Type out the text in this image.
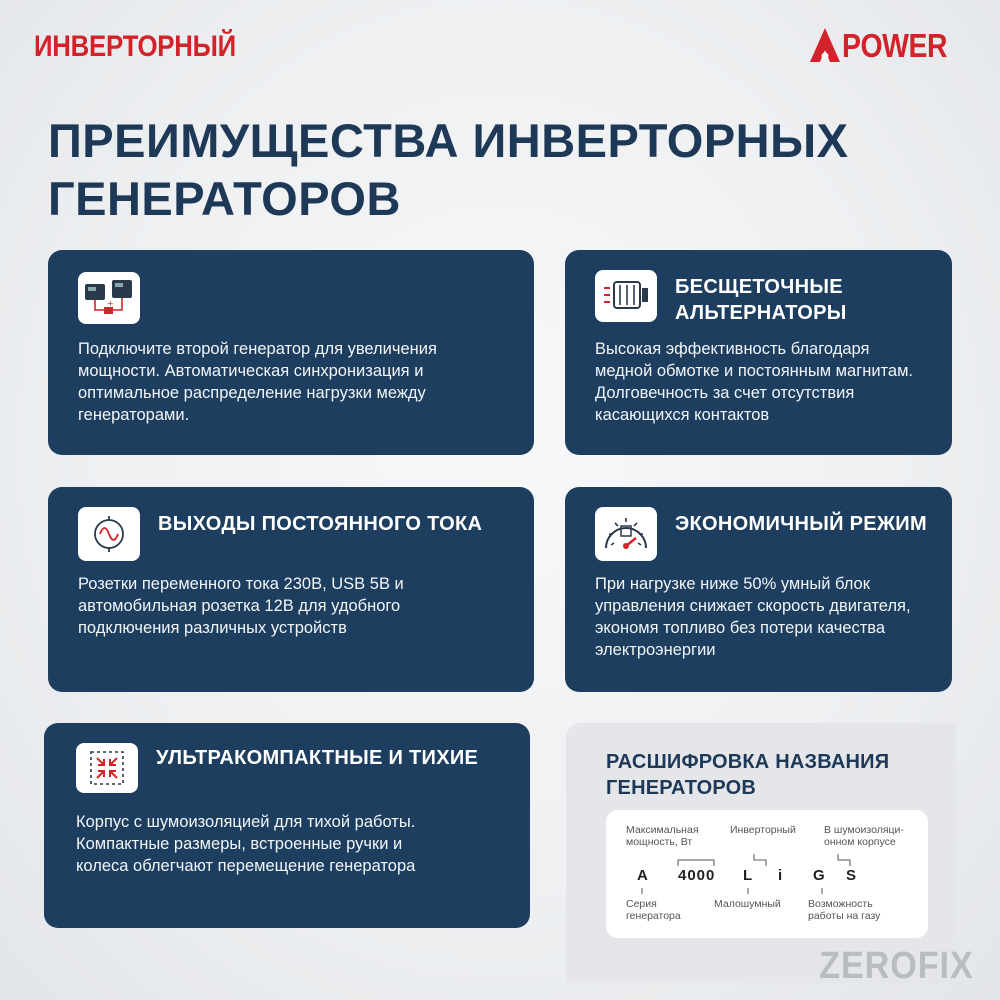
ИНВЕРТОРНЫЙ	POWER
ПРЕИМУЩЕСТВА ИНВЕРТОРНЫХ ГЕНЕРАТОРОВ
+
Подключите второй генератор для увеличения мощности. Автоматическая синхронизация и оптимальное распределение нагрузки между генераторами.
БЕСЩЕТОЧНЫЕ АЛЬТЕРНАТОРЫ
Высокая эффективность благодаря медной обмотке и постоянным магнитам. Долговечность за счет отсутствия касающихся контактов
ВЫХОДЫ ПОСТОЯННОГО ТОКА
Розетки переменного тока 230В, USB 5В и автомобильная розетка 12В для удобного подключения различных устройств
ЭКОНОМИЧНЫЙ РЕЖИМ
При нагрузке ниже 50% умный блок управления снижает скорость двигателя, экономя топливо без потери качества электроэнергии
УЛЬТРАКОМПАКТНЫЕ И ТИХИЕ
Корпус с шумоизоляцией для тихой работы. Компактные размеры, встроенные ручки и колеса облегчают перемещение генератора
РАСШИФРОВКА НАЗВАНИЯ ГЕНЕРАТОРОВ
Максимальная мощность, Вт
Инверторный	В шумоизоляци-онном корпусе
A 4000 L i G S
Серия генератора
Малошумный	Возможность работы на газу
ZEROFIX
